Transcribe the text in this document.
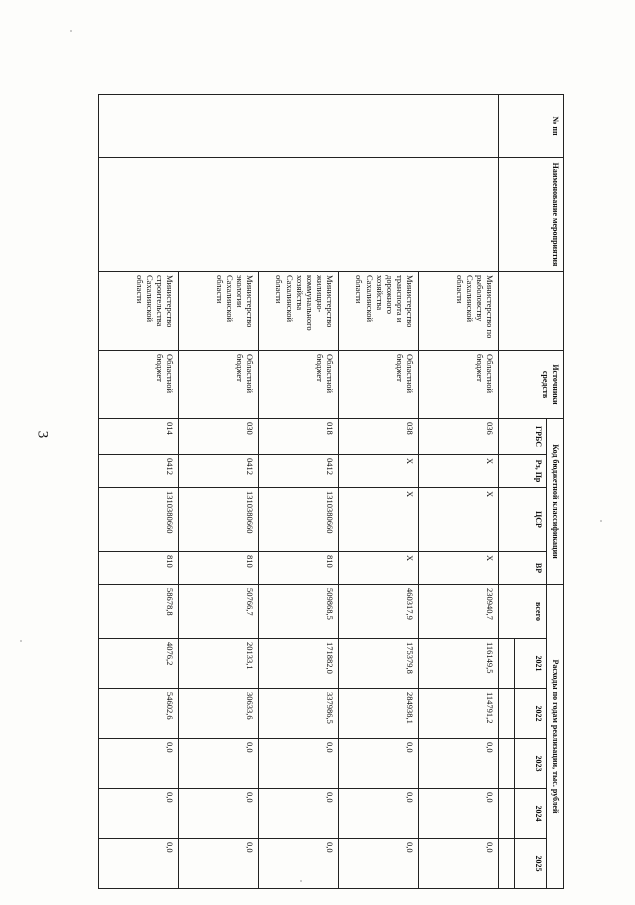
3
№ пп	Наименование мероприятия		Источники средств	Код бюджетной классификации				Расходы по годам реализации, тыс. рублей					
				ГРБС	Рз, Пр	ЦСР	ВР	всего	2021	2022	2023	2024	2025

		Министерство по рыболовству Сахалинской области	Областной бюджет	036	X	X	X	230940,7	116149,5	114791,2	0,0	0,0	0,0
		Министерство транспорта и дорожного хозяйства Сахалинской области	Областной бюджет	038	X	X	X	460317,9	175379,8	284938,1	0,0	0,0	0,0
		Министерство жилищно-коммунального хозяйства Сахалинской области	Областной бюджет	018	0412	1310380660	810	509868,5	171882,0	337986,5	0,0	0,0	0,0
		Министерство экологии Сахалинской области	Областной бюджет	030	0412	1310380660	810	50766,7	20133,1	30633,6	0,0	0,0	0,0
		Министерство строительства Сахалинской области	Областной бюджет	014	0412	1310380660	810	58678,8	4076,2	54602,6	0,0	0,0	0,0
